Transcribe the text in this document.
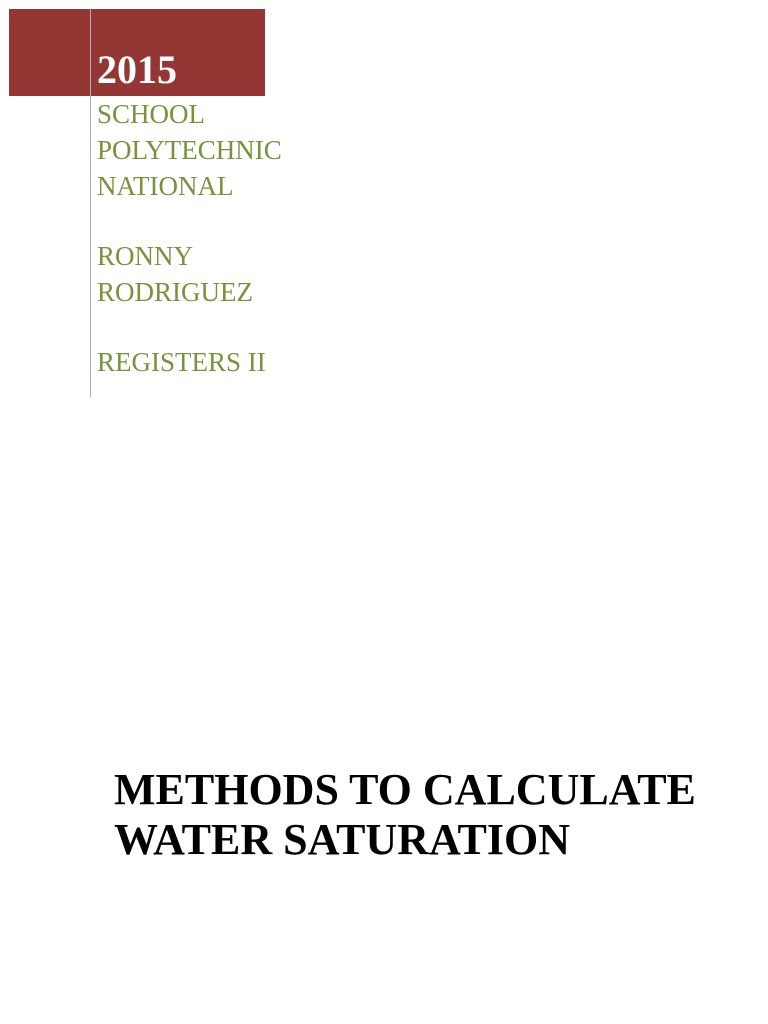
2015
SCHOOL
POLYTECHNIC
NATIONAL
RONNY
RODRIGUEZ
REGISTERS II
METHODS TO CALCULATE
WATER SATURATION
